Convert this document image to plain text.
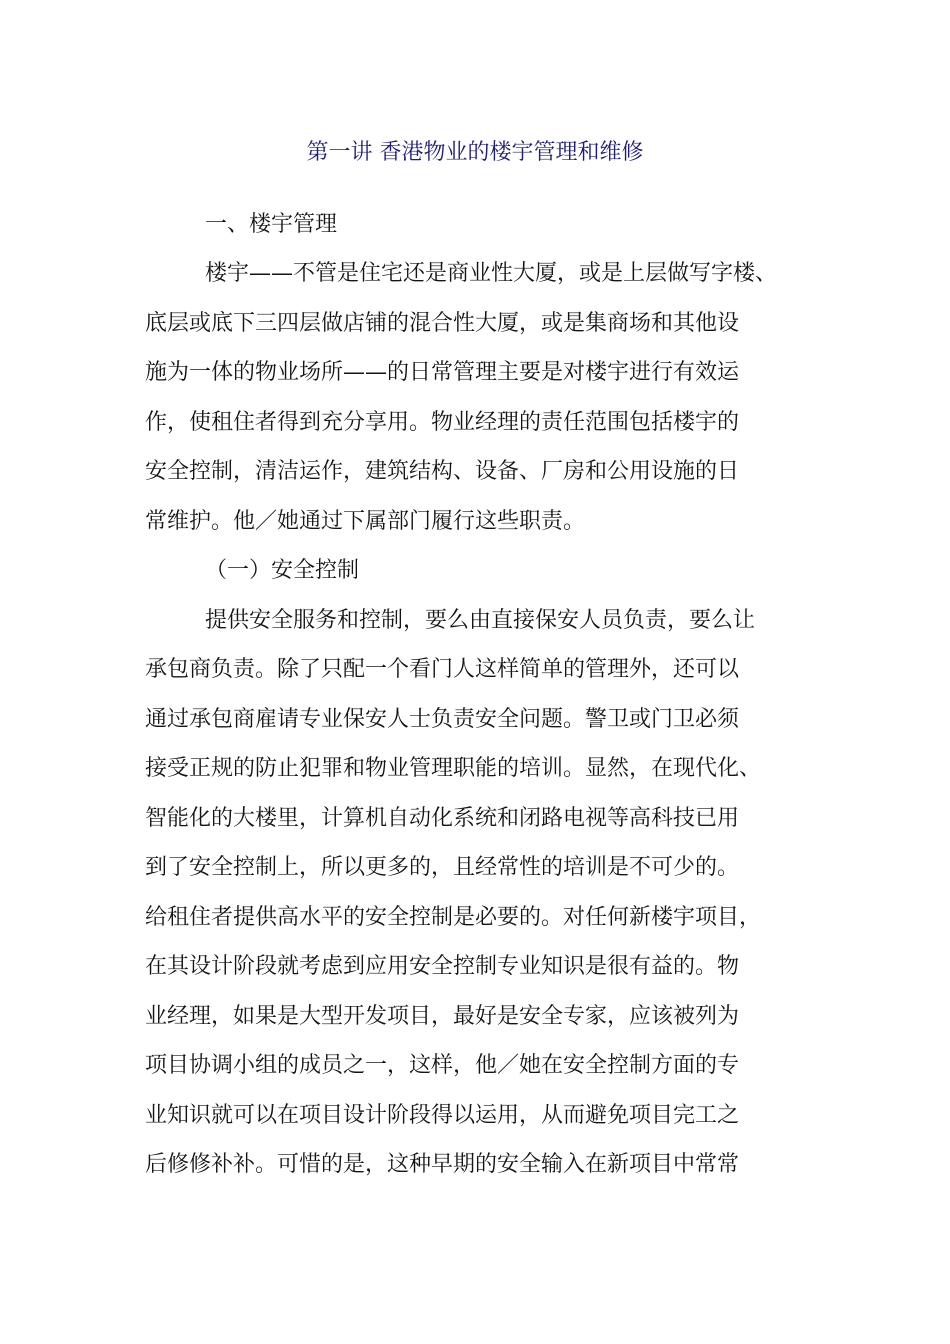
第一讲 香港物业的楼宇管理和维修
一、楼宇管理
楼宇——不管是住宅还是商业性大厦，或是上层做写字楼、
底层或底下三四层做店铺的混合性大厦，或是集商场和其他设
施为一体的物业场所——的日常管理主要是对楼宇进行有效运
作，使租住者得到充分享用。物业经理的责任范围包括楼宇的
安全控制，清洁运作，建筑结构、设备、厂房和公用设施的日
常维护。他／她通过下属部门履行这些职责。
（一）安全控制
提供安全服务和控制，要么由直接保安人员负责，要么让
承包商负责。除了只配一个看门人这样简单的管理外，还可以
通过承包商雇请专业保安人士负责安全问题。警卫或门卫必须
接受正规的防止犯罪和物业管理职能的培训。显然，在现代化、
智能化的大楼里，计算机自动化系统和闭路电视等高科技已用
到了安全控制上，所以更多的，且经常性的培训是不可少的。
给租住者提供高水平的安全控制是必要的。对任何新楼宇项目，
在其设计阶段就考虑到应用安全控制专业知识是很有益的。物
业经理，如果是大型开发项目，最好是安全专家，应该被列为
项目协调小组的成员之一，这样，他／她在安全控制方面的专
业知识就可以在项目设计阶段得以运用，从而避免项目完工之
后修修补补。可惜的是，这种早期的安全输入在新项目中常常
